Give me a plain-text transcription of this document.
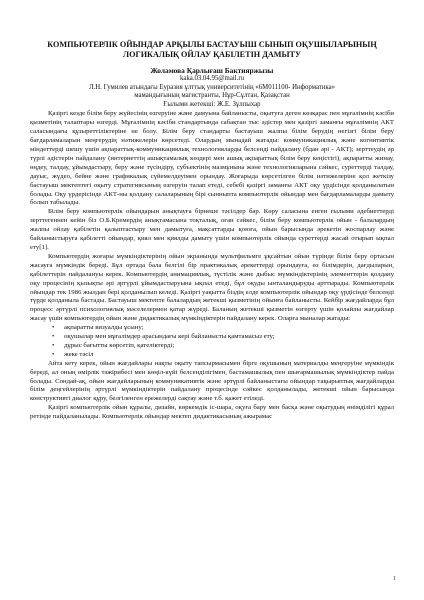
КОМПЬЮТЕРЛІК ОЙЫНДАР АРҚЫЛЫ БАСТАУЫШ СЫНЫП ОҚУШЫЛАРЫНЫҢ ЛОГИКАЛЫҚ ОЙЛАУ ҚАБІЛЕТІН ДАМЫТУ
Жоламова Қарлығаш Бактияржызы
kaka.03.04.95@mail.ru
Л.Н. Гумилев атындағы Еуразия ұлттық университетінің «6М011100- Информатика»
мамандығының магистранты, Нұр-Сұлтан, Қазақстан
Ғылыми жетекші: Ж.Е. Зұлпыхар

Қазіргі кезде білім беру жүйесінің өзгеруіне және дамуына байланысты, оқытуға деген көзқарас пен мұғалімнің кәсіби қызметінің талаптары өзгерді. Мұғалімнің кәсіби стандартында сабақтан тыс әдістер мен қазіргі заманғы мұғалімнің АКТ саласындағы құзыреттіліктеріне не болу. Білім беру стандарты бастауыш жалпы білім берудің негізгі білім беру бағдарламаларын меңгерудің нәтижелерін көрсетеді. Олардың мынадай жатады: коммуникациялық және когнитивтік міндеттерді шешу үшін ақпараттық-коммуникациялық технологияларды белсенді пайдалану (бдан әрі - АКТ); зерттеудің әр түрлі әдістерін пайдалану (интернеттің ашықтамалық көздері мен ашық ақпараттық білім беру кеңістігі), ақпаратты жинау, өңдеу, талдау, ұйымдастыру, беру және түсіндіру, субъектінің мазмұнына және технологияларына сәйкес, суреттерді талдау, дауыс, жүдео, бейне және графикалық сүйемелдеуімен орындау. Жоғарыда көрсетілген білім нәтижелеріне қол жеткізу бастауыш мектептегі оқыту стратегиясының өзгеруін талап етеді, себебі қазіргі заманғы АКТ оқу үрдісінде қолданылатын болады. Оқу үрдерісінде АКТ-ны қолдану салаларының бірі сынныпта компьютерлік ойындар мен бағдарламаларды дамыту болып табылады.

Білім беру компьютерлік ойындарын анықтауға бірнеше тәсілдер бар. Көру саласына енген ғылыми әдебиеттерді зерттегеннен кейін біз О.Б.Кремердің анықтамасына тоқталық, оған сәйкес, білім беру компьютерлік ойын - балалардың жалпы ойлау қабілетін қалыптастыру мен дамытуға, мақсаттарды қоюға, ойын барысында әрекетін жоспарлау және байланыстыруға қабілетті ойындар, қиял мен қиялды дамыту үшін компьютерлік ойында суреттерді жасай отырып ықпал ету[1].

Компьютердің жоғары мүмкіндіктерінің ойын экранында мультфильмге ұқсайтын ойын түрінде білім беру ортасын жасауға мүмкіндік береді. Бұл ортада бала белгілі бір практикалық әрекеттерді орындауға, өз білімдерін, дағдыларын, қабілеттерін пайдалануы керек. Компьютердің анимациялық, түстілік және дыбыс мүмкіндіктерінің элементтерін қолдану оқу процесінің қызықты әрі әртүрлі ұйымдастыруына ықпал етеді, бұл оқуды ынталандыруды арттырады. Компьютерлік ойындар тек 1986 жылдан бері қолданылып келеді. Қазіргі уақытта біздің елде компьютерлік ойындар оқу үрдісінде белсенді түрде қолданыла бастады. Бастауыш мектепте балалардың жетекші қызметінің ойынға байланысты. Кейбір жағдайларда бұл процесс әртүрлі психологиялық мәселелермен қатар жүреді. Баланың жетекші қызметін өзгерту үшін қолайлы жағдайлар жасау үшін компьютердің ойын және дидактикалық мүмкіндіктерін пайдалану керек. Оларға мыналар жатады:

• ақпаратты визуалды ұсыну;
• оқушылар мен мұғалімдер арасындағы кері байланысты қамтамасыз ету;
• дұрыс бағытты көрсетіп, қателіктерді;
• жеке тәсіл

Айта кету керек, ойын жағдайлары нақты оқыту тапсырмасымен бірге оқушының материалды меңгеруіне мүмкіндік береді, ал оның өмірлік тәжірибесі мен көңіл-күйі белсенділігімен, бастамашылық пен шығармашылық мүмкіндіктер пайда болады. Сондай-ақ, ойын жағдайларының коммуникативтік және әртүрлі байланыстағы ойындар тақырыптық жағдайларды білім деңгейлерінің әртүрлі мүмкіндіктерін пайдалану процесінде сәйкес қолданылады, жетекші ойын барысында конструктивті диалог құру, белгіленген ережелерді сақтау және т.б. қажет етіледі.

Қазіргі компьютерлік ойын құралы, дизайн, көркемдік іс-шара, оқуға бару мен басқа және оқытудың өнімділігі құрал ретінде пайдаланылады. Компьютерлік ойындар мектеп дидактикасының ажырамас

1
